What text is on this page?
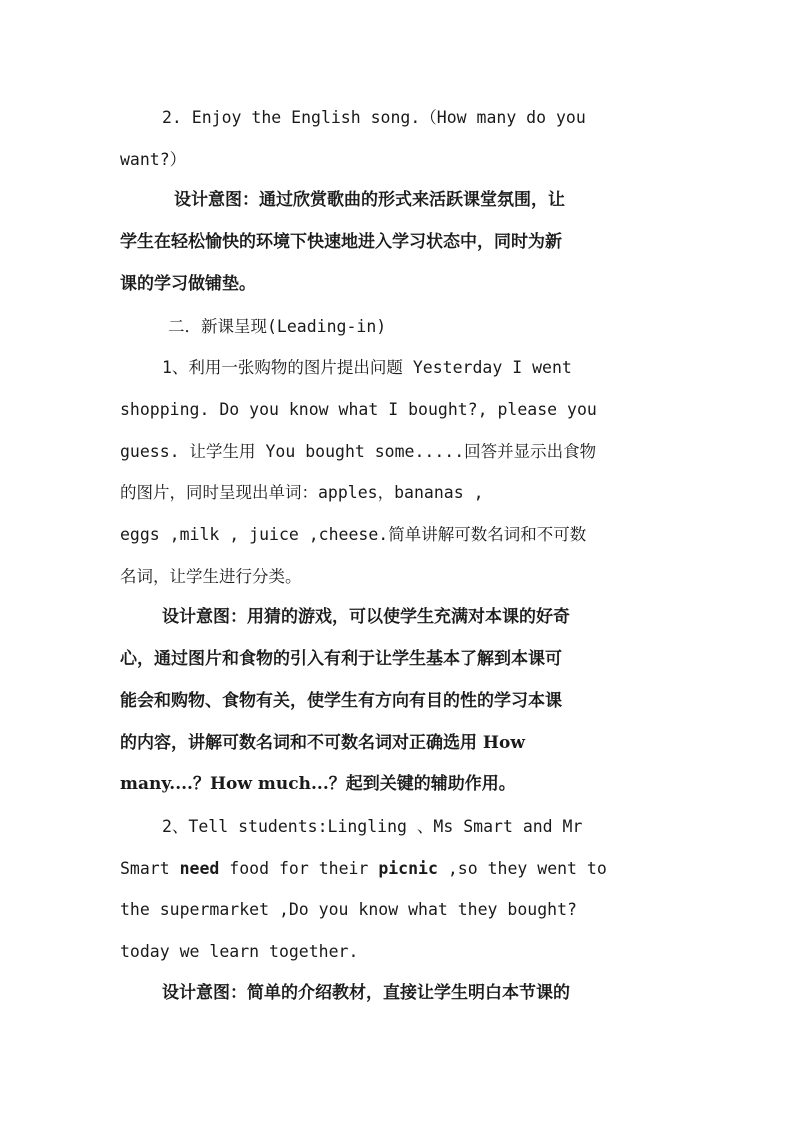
2. Enjoy the English song.（How many do you

want?）

设计意图：通过欣赏歌曲的形式来活跃课堂氛围，让

学生在轻松愉快的环境下快速地进入学习状态中，同时为新

课的学习做铺垫。

二．新课呈现(Leading-in)

1、利用一张购物的图片提出问题 Yesterday I went

shopping. Do you know what I bought?, please you

guess. 让学生用 You bought some.....回答并显示出食物

的图片，同时呈现出单词：apples，bananas ,

eggs ,milk , juice ,cheese.简单讲解可数名词和不可数

名词，让学生进行分类。

设计意图：用猜的游戏，可以使学生充满对本课的好奇

心，通过图片和食物的引入有利于让学生基本了解到本课可

能会和购物、食物有关，使学生有方向有目的性的学习本课

的内容，讲解可数名词和不可数名词对正确选用 How

many....？How much...？起到关键的辅助作用。

2、Tell students:Lingling 、Ms Smart and Mr

Smart need food for their picnic ,so they went to

the supermarket ,Do you know what they bought?

today we learn together.

设计意图：简单的介绍教材，直接让学生明白本节课的
